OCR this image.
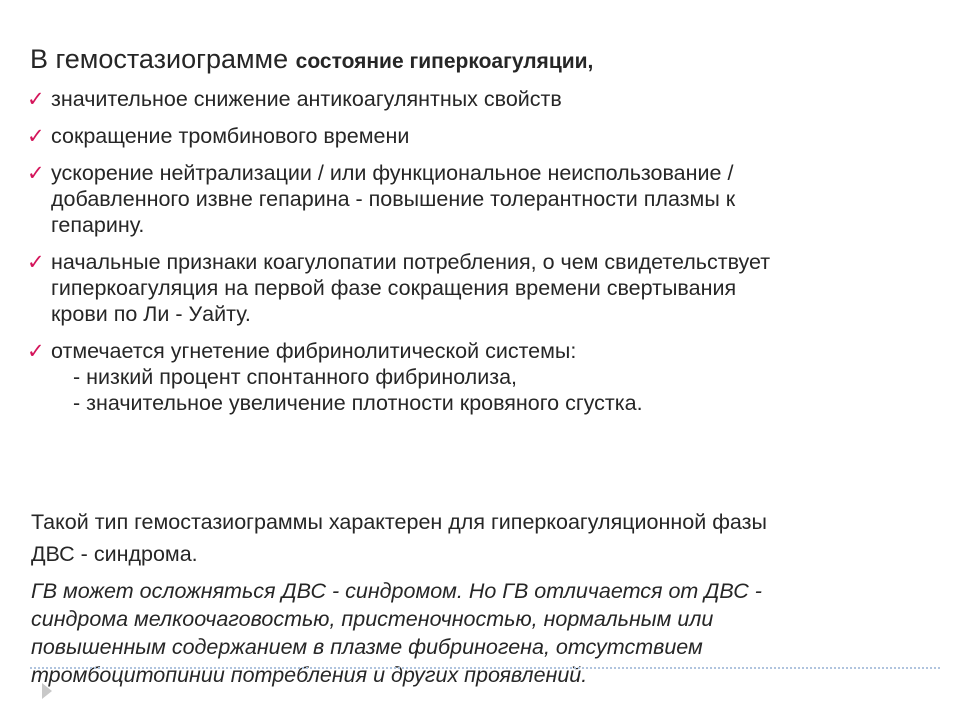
В гемостазиограмме состояние гиперкоагуляции,
✓ значительное снижение антикоагулянтных свойств
✓ сокращение тромбинового времени
✓ ускорение нейтрализации / или функциональное неиспользование /
добавленного извне гепарина - повышение толерантности плазмы к
гепарину.
✓ начальные признаки коагулопатии потребления, о чем свидетельствует
гиперкоагуляция на первой фазе сокращения времени свертывания
крови по Ли - Уайту.
✓ отмечается угнетение фибринолитической системы:
- низкий процент спонтанного фибринолиза,
- значительное увеличение плотности кровяного сгустка.
Такой тип гемостазиограммы характерен для гиперкоагуляционной фазы
ДВС - синдрома.
ГВ может осложняться ДВС - синдромом. Но ГВ отличается от ДВС -
синдрома мелкоочаговостью, пристеночностью, нормальным или
повышенным содержанием в плазме фибриногена, отсутствием
тромбоцитопинии потребления и других проявлений.
